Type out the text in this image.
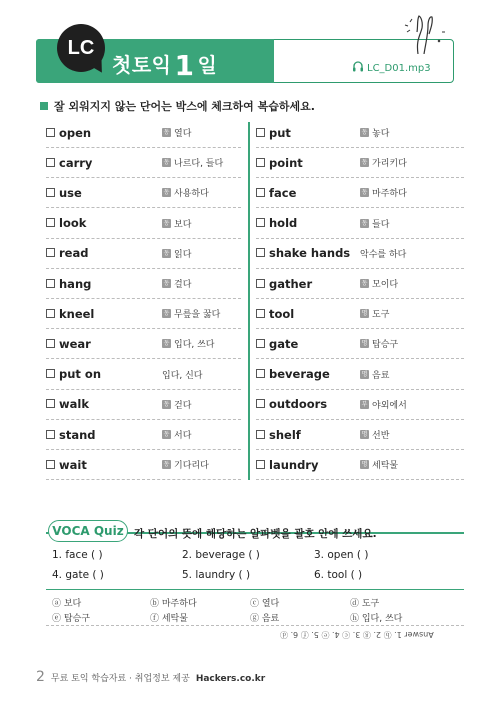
LC
첫토익 1 일	LC_D01.mp3
잘 외워지지 않는 단어는 박스에 체크하여 복습하세요.
open	동 열다
carry	동 나르다, 들다
use	동 사용하다
look	동 보다
read	동 읽다
hang	동 걸다
kneel	동 무릎을 꿇다
wear	동 입다, 쓰다
put on	입다, 신다
walk	동 걷다
stand	동 서다
wait	동 기다리다
put	동 놓다
point	동 가리키다
face	동 마주하다
hold	동 들다
shake hands 악수를 하다
gather	동 모이다
tool	명 도구
gate	명 탑승구
beverage	명 음료
outdoors	부 야외에서
shelf	명 선반
laundry	명 세탁물
VOCA Quiz 각 단어의 뜻에 해당하는 알파벳을 괄호 안에 쓰세요.
1. face ( )	2. beverage ( )	3. open ( )
4. gate ( )	5. laundry ( )	6. tool ( )
ⓐ 보다	ⓑ 마주하다	ⓒ 열다	ⓓ 도구
ⓔ 탑승구	ⓕ 세탁물	ⓖ 음료	ⓗ 입다, 쓰다
Answer 1. ⓑ 2. ⓖ 3. ⓒ 4. ⓔ 5. ⓕ 6. ⓓ
2 무료 토익 학습자료 · 취업정보 제공 Hackers.co.kr
